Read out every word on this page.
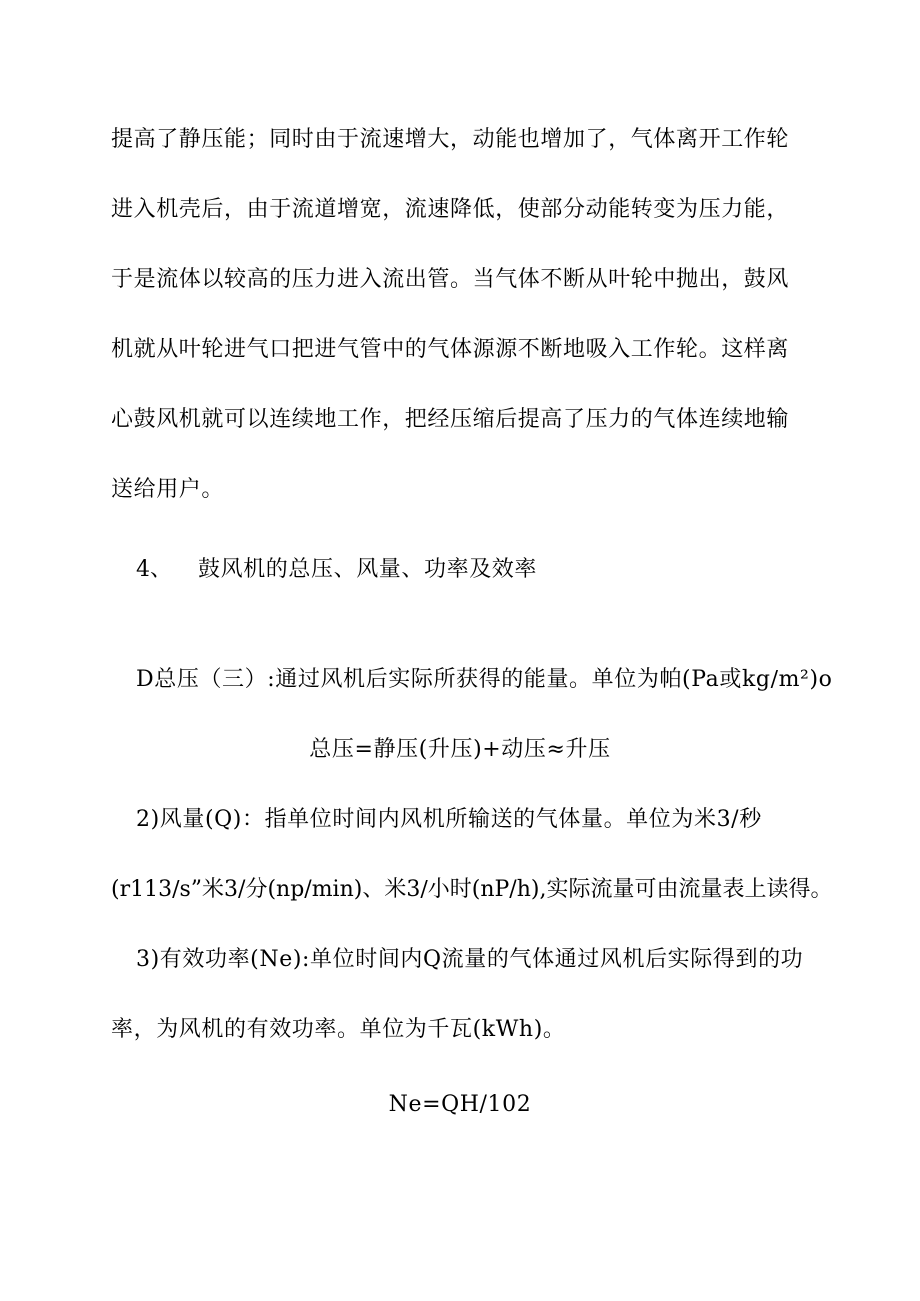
提高了静压能；同时由于流速增大，动能也增加了，气体离开工作轮
进入机壳后，由于流道增宽，流速降低，使部分动能转变为压力能，
于是流体以较高的压力进入流出管。当气体不断从叶轮中抛出，鼓风
机就从叶轮进气口把进气管中的气体源源不断地吸入工作轮。这样离
心鼓风机就可以连续地工作，把经压缩后提高了压力的气体连续地输
送给用户。
4、 鼓风机的总压、风量、功率及效率
D总压（三）:通过风机后实际所获得的能量。单位为帕(Pa或kg∕m²)o
总压=静压(升压)+动压≈升压
2)风量(Q)：指单位时间内风机所输送的气体量。单位为米3/秒
(r113∕s”米3/分(np/min)、米3∕小时(nP/h),实际流量可由流量表上读得。
3)有效功率(Ne):单位时间内Q流量的气体通过风机后实际得到的功
率，为风机的有效功率。单位为千瓦(kWh)。
Ne=QH/102
